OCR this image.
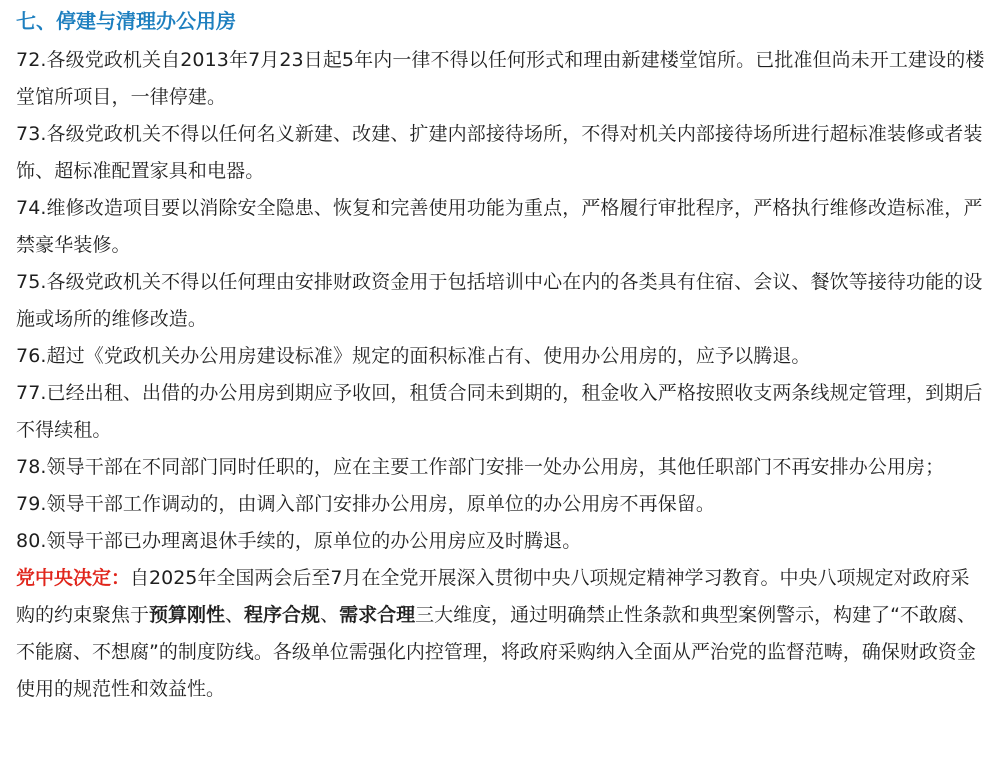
七、停建与清理办公用房

72.各级党政机关自2013年7月23日起5年内一律不得以任何形式和理由新建楼堂馆所。已批准但尚未开工建设的楼堂馆所项目，一律停建。

73.各级党政机关不得以任何名义新建、改建、扩建内部接待场所，不得对机关内部接待场所进行超标准装修或者装饰、超标准配置家具和电器。

74.维修改造项目要以消除安全隐患、恢复和完善使用功能为重点，严格履行审批程序，严格执行维修改造标准，严禁豪华装修。

75.各级党政机关不得以任何理由安排财政资金用于包括培训中心在内的各类具有住宿、会议、餐饮等接待功能的设施或场所的维修改造。

76.超过《党政机关办公用房建设标准》规定的面积标准占有、使用办公用房的，应予以腾退。

77.已经出租、出借的办公用房到期应予收回，租赁合同未到期的，租金收入严格按照收支两条线规定管理，到期后不得续租。

78.领导干部在不同部门同时任职的，应在主要工作部门安排一处办公用房，其他任职部门不再安排办公用房；

79.领导干部工作调动的，由调入部门安排办公用房，原单位的办公用房不再保留。

80.领导干部已办理离退休手续的，原单位的办公用房应及时腾退。

党中央决定：自2025年全国两会后至7月在全党开展深入贯彻中央八项规定精神学习教育。中央八项规定对政府采购的约束聚焦于预算刚性、程序合规、需求合理三大维度，通过明确禁止性条款和典型案例警示，构建了“不敢腐、不能腐、不想腐”的制度防线。各级单位需强化内控管理，将政府采购纳入全面从严治党的监督范畴，确保财政资金使用的规范性和效益性。
